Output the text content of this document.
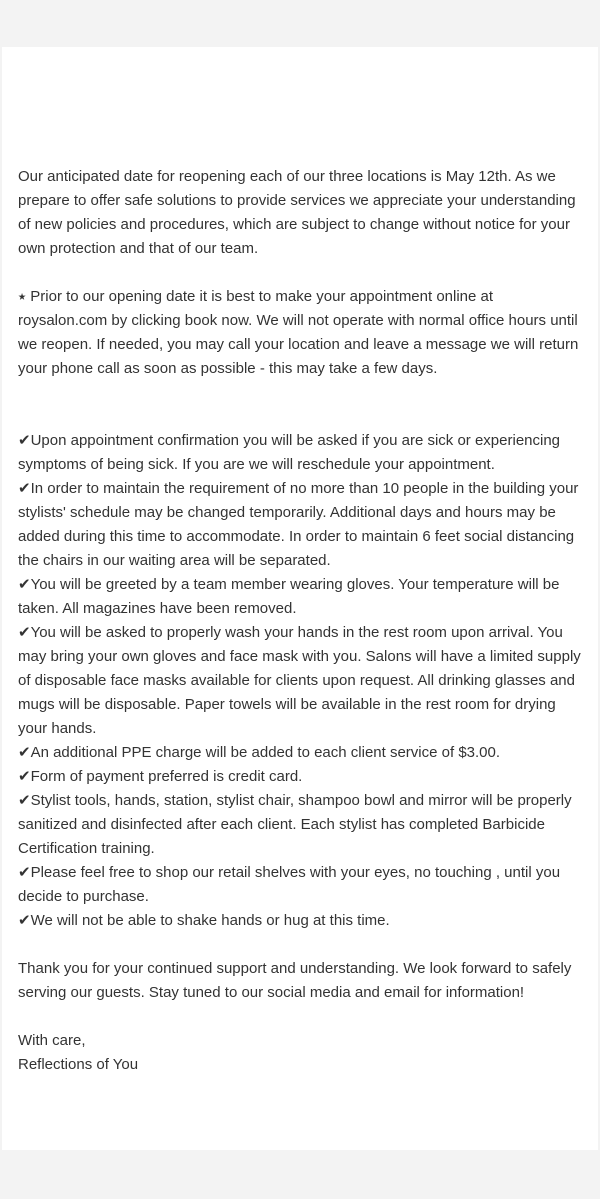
Our anticipated date for reopening each of our three locations is May 12th. As we prepare to offer safe solutions to provide services we appreciate your understanding of new policies and procedures, which are subject to change without notice for your own protection and that of our team.

⭑ Prior to our opening date it is best to make your appointment online at roysalon.com by clicking book now. We will not operate with normal office hours until we reopen. If needed, you may call your location and leave a message we will return your phone call as soon as possible - this may take a few days.

✔Upon appointment confirmation you will be asked if you are sick or experiencing symptoms of being sick. If you are we will reschedule your appointment.

✔In order to maintain the requirement of no more than 10 people in the building your stylists' schedule may be changed temporarily. Additional days and hours may be added during this time to accommodate. In order to maintain 6 feet social distancing the chairs in our waiting area will be separated.

✔You will be greeted by a team member wearing gloves. Your temperature will be taken. All magazines have been removed.

✔You will be asked to properly wash your hands in the rest room upon arrival. You may bring your own gloves and face mask with you. Salons will have a limited supply of disposable face masks available for clients upon request. All drinking glasses and mugs will be disposable. Paper towels will be available in the rest room for drying your hands.

✔An additional PPE charge will be added to each client service of $3.00.

✔Form of payment preferred is credit card.

✔Stylist tools, hands, station, stylist chair, shampoo bowl and mirror will be properly sanitized and disinfected after each client. Each stylist has completed Barbicide Certification training.

✔Please feel free to shop our retail shelves with your eyes, no touching , until you decide to purchase.

✔We will not be able to shake hands or hug at this time.

Thank you for your continued support and understanding. We look forward to safely serving our guests. Stay tuned to our social media and email for information!

With care,

Reflections of You
